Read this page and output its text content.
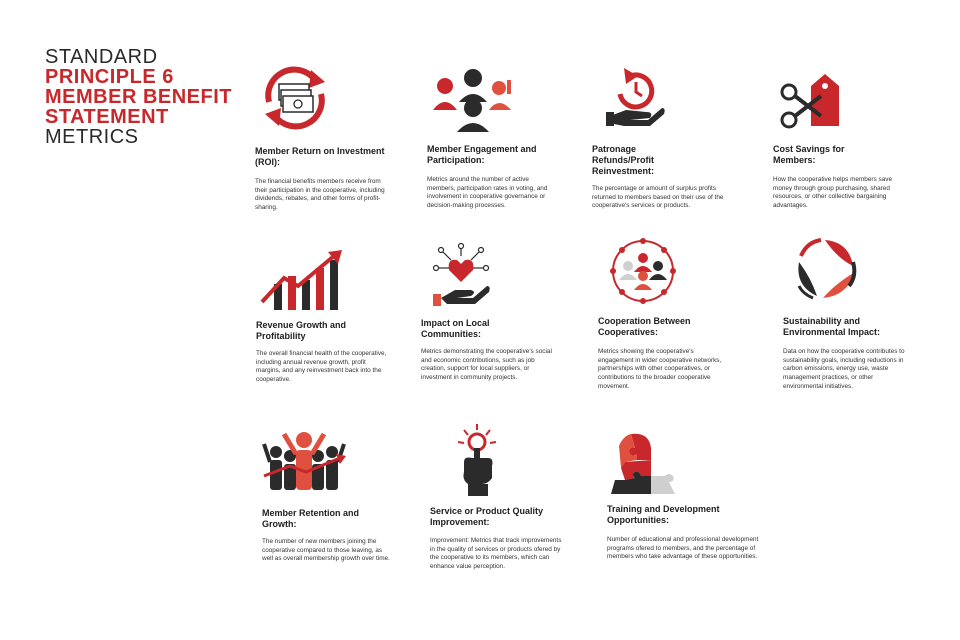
STANDARD
PRINCIPLE 6
MEMBER BENEFIT
STATEMENT
METRICS
Member Return on Investment (ROI):
The financial benefits members receive from their participation in the cooperative, including dividends, rebates, and other forms of profit-sharing.
Member Engagement and Participation:
Metrics around the number of active members, participation rates in voting, and involvement in cooperative governance or decision-making processes.
Patronage Refunds/Profit Reinvestment:
The percentage or amount of surplus profits returned to members based on their use of the cooperative's services or products.
Cost Savings for Members:
How the cooperative helps members save money through group purchasing, shared resources, or other collective bargaining advantages.
Revenue Growth and Profitability
The overall financial health of the cooperative, including annual revenue growth, profit margins, and any reinvestment back into the cooperative.
Impact on Local Communities:
Metrics demonstrating the cooperative's social and economic contributions, such as job creation, support for local suppliers, or investment in community projects.
Cooperation Between Cooperatives:
Metrics showing the cooperative's engagement in wider cooperative networks, partnerships with other cooperatives, or contributions to the broader cooperative movement.
Sustainability and Environmental Impact:
Data on how the cooperative contributes to sustainability goals, including reductions in carbon emissions, energy use, waste management practices, or other environmental initiatives.
Member Retention and Growth:
The number of new members joining the cooperative compared to those leaving, as well as overall membership growth over time.
Service or Product Quality Improvement:
Improvement: Metrics that track improvements in the quality of services or products ofered by the cooperative to its members, which can enhance value perception.
Training and Development Opportunities:
Number of educational and professional development programs ofered to members, and the percentage of members who take advantage of these opportunities.
